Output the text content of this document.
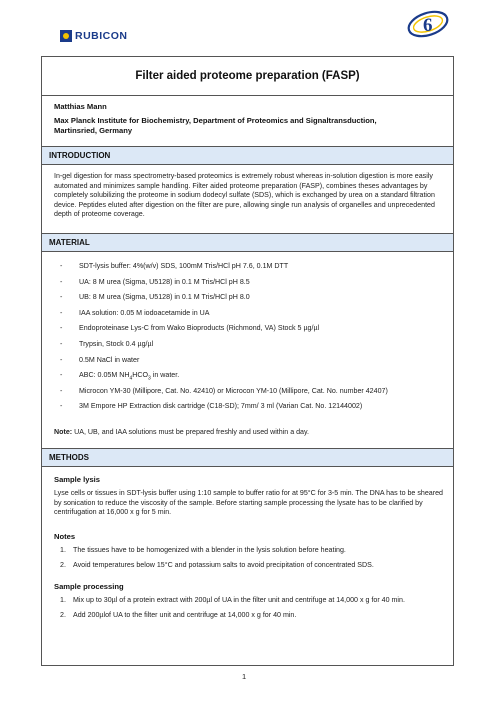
RUBICON	6
Filter aided proteome preparation (FASP)
Matthias Mann
Max Planck Institute for Biochemistry, Department of Proteomics and Signaltransduction,
Martinsried, Germany
INTRODUCTION
In-gel digestion for mass spectrometry-based proteomics is extremely robust whereas in-solution digestion is more easily automated and minimizes sample handling. Filter aided proteome preparation (FASP), combines theses advantages by completely solubilizing the proteome in sodium dodecyl sulfate (SDS), which is exchanged by urea on a standard filtration device. Peptides eluted after digestion on the filter are pure, allowing single run analysis of organelles and unprecedented depth of proteome coverage.
MATERIAL
-	SDT-lysis buffer: 4%(w/v) SDS, 100mM Tris/HCl pH 7.6, 0.1M DTT
-	UA: 8 M urea (Sigma, U5128) in 0.1 M Tris/HCl pH 8.5
-	UB: 8 M urea (Sigma, U5128) in 0.1 M Tris/HCl pH 8.0
-	IAA solution: 0.05 M iodoacetamide in UA
-	Endoproteinase Lys-C from Wako Bioproducts (Richmond, VA) Stock 5 µg/µl
-	Trypsin, Stock 0.4 µg/µl
-	0.5M NaCl in water
-	ABC: 0.05M $NH_4HCO_3$ in water.
-	Microcon YM-30 (Millipore, Cat. No. 42410) or Microcon YM-10 (Millipore, Cat. No. number 42407)
-	3M Empore HP Extraction disk cartridge (C18-SD); 7mm/ 3 ml (Varian Cat. No. 12144002)
Note: UA, UB, and IAA solutions must be prepared freshly and used within a day.
METHODS
Sample lysis
Lyse cells or tissues in SDT-lysis buffer using 1:10 sample to buffer ratio for at 95°C for 3-5 min. The DNA has to be sheared by sonication to reduce the viscosity of the sample. Before starting sample processing the lysate has to be clarified by centrifugation at 16,000 x g for 5 min.
Notes
1. The tissues have to be homogenized with a blender in the lysis solution before heating.
2. Avoid temperatures below 15°C and potassium salts to avoid precipitation of concentrated SDS.
Sample processing
1. Mix up to 30µl of a protein extract with 200µl of UA in the filter unit and centrifuge at 14,000 x g for 40 min.
2. Add 200µlof UA to the filter unit and centrifuge at 14,000 x g for 40 min.
1
